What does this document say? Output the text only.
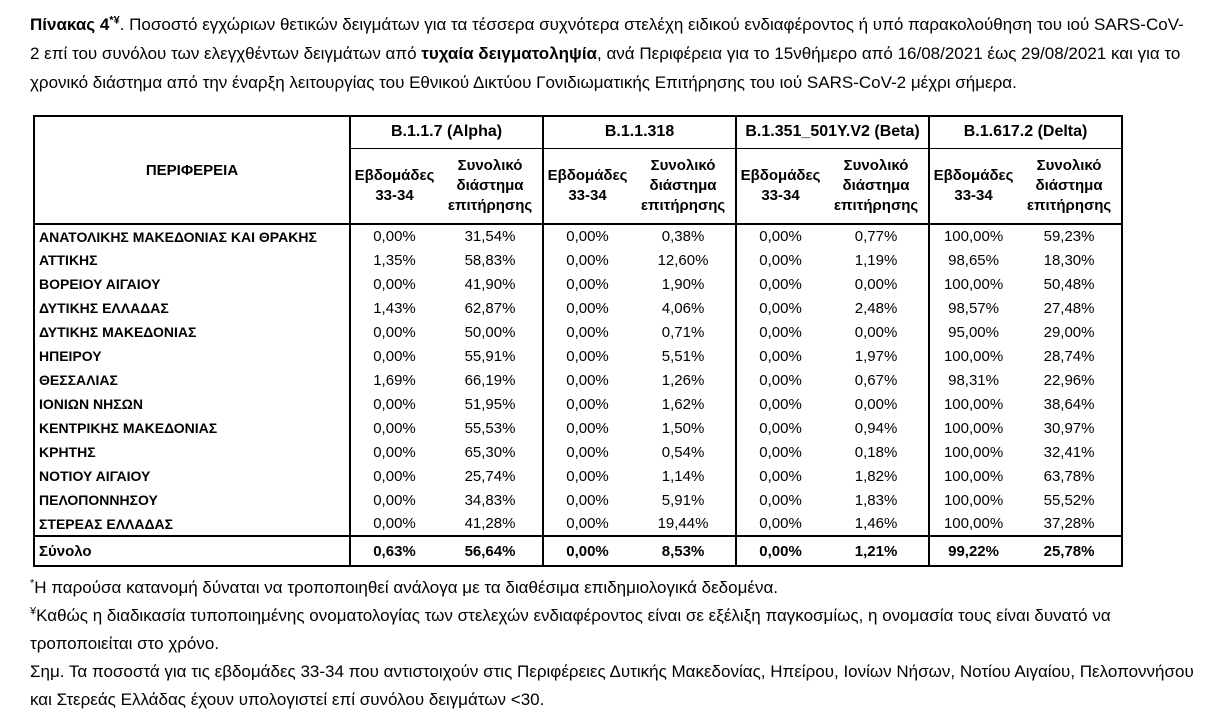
Πίνακας 4*¥. Ποσοστό εγχώριων θετικών δειγμάτων για τα τέσσερα συχνότερα στελέχη ειδικού ενδιαφέροντος ή υπό παρακολούθηση του ιού SARS-CoV-2 επί του συνόλου των ελεγχθέντων δειγμάτων από τυχαία δειγματοληψία, ανά Περιφέρεια για το 15νθήμερο από 16/08/2021 έως 29/08/2021 και για το χρονικό διάστημα από την έναρξη λειτουργίας του Εθνικού Δικτύου Γονιδιωματικής Επιτήρησης του ιού SARS-CoV-2 μέχρι σήμερα.

ΠΕΡΙΦΕΡΕΙΑ	B.1.1.7 (Alpha)		B.1.1.318		B.1.351_501Y.V2 (Beta)		B.1.617.2 (Delta)	
	Εβδομάδες 33-34	Συνολικό διάστημα επιτήρησης	Εβδομάδες 33-34	Συνολικό διάστημα επιτήρησης	Εβδομάδες 33-34	Συνολικό διάστημα επιτήρησης	Εβδομάδες 33-34	Συνολικό διάστημα επιτήρησης
ΑΝΑΤΟΛΙΚΗΣ ΜΑΚΕΔΟΝΙΑΣ ΚΑΙ ΘΡΑΚΗΣ	0,00%	31,54%	0,00%	0,38%	0,00%	0,77%	100,00%	59,23%
ΑΤΤΙΚΗΣ	1,35%	58,83%	0,00%	12,60%	0,00%	1,19%	98,65%	18,30%
ΒΟΡΕΙΟΥ ΑΙΓΑΙΟΥ	0,00%	41,90%	0,00%	1,90%	0,00%	0,00%	100,00%	50,48%
ΔΥΤΙΚΗΣ ΕΛΛΑΔΑΣ	1,43%	62,87%	0,00%	4,06%	0,00%	2,48%	98,57%	27,48%
ΔΥΤΙΚΗΣ ΜΑΚΕΔΟΝΙΑΣ	0,00%	50,00%	0,00%	0,71%	0,00%	0,00%	95,00%	29,00%
ΗΠΕΙΡΟΥ	0,00%	55,91%	0,00%	5,51%	0,00%	1,97%	100,00%	28,74%
ΘΕΣΣΑΛΙΑΣ	1,69%	66,19%	0,00%	1,26%	0,00%	0,67%	98,31%	22,96%
ΙΟΝΙΩΝ ΝΗΣΩΝ	0,00%	51,95%	0,00%	1,62%	0,00%	0,00%	100,00%	38,64%
ΚΕΝΤΡΙΚΗΣ ΜΑΚΕΔΟΝΙΑΣ	0,00%	55,53%	0,00%	1,50%	0,00%	0,94%	100,00%	30,97%
ΚΡΗΤΗΣ	0,00%	65,30%	0,00%	0,54%	0,00%	0,18%	100,00%	32,41%
ΝΟΤΙΟΥ ΑΙΓΑΙΟΥ	0,00%	25,74%	0,00%	1,14%	0,00%	1,82%	100,00%	63,78%
ΠΕΛΟΠΟΝΝΗΣΟΥ	0,00%	34,83%	0,00%	5,91%	0,00%	1,83%	100,00%	55,52%
ΣΤΕΡΕΑΣ ΕΛΛΑΔΑΣ	0,00%	41,28%	0,00%	19,44%	0,00%	1,46%	100,00%	37,28%
Σύνολο	0,63%	56,64%	0,00%	8,53%	0,00%	1,21%	99,22%	25,78%

*Η παρούσα κατανομή δύναται να τροποποιηθεί ανάλογα με τα διαθέσιμα επιδημιολογικά δεδομένα.

¥Καθώς η διαδικασία τυποποιημένης ονοματολογίας των στελεχών ενδιαφέροντος είναι σε εξέλιξη παγκοσμίως, η ονομασία τους είναι δυνατό να τροποποιείται στο χρόνο.

Σημ. Τα ποσοστά για τις εβδομάδες 33-34 που αντιστοιχούν στις Περιφέρειες Δυτικής Μακεδονίας, Ηπείρου, Ιονίων Νήσων, Νοτίου Αιγαίου, Πελοποννήσου και Στερεάς Ελλάδας έχουν υπολογιστεί επί συνόλου δειγμάτων <30.
